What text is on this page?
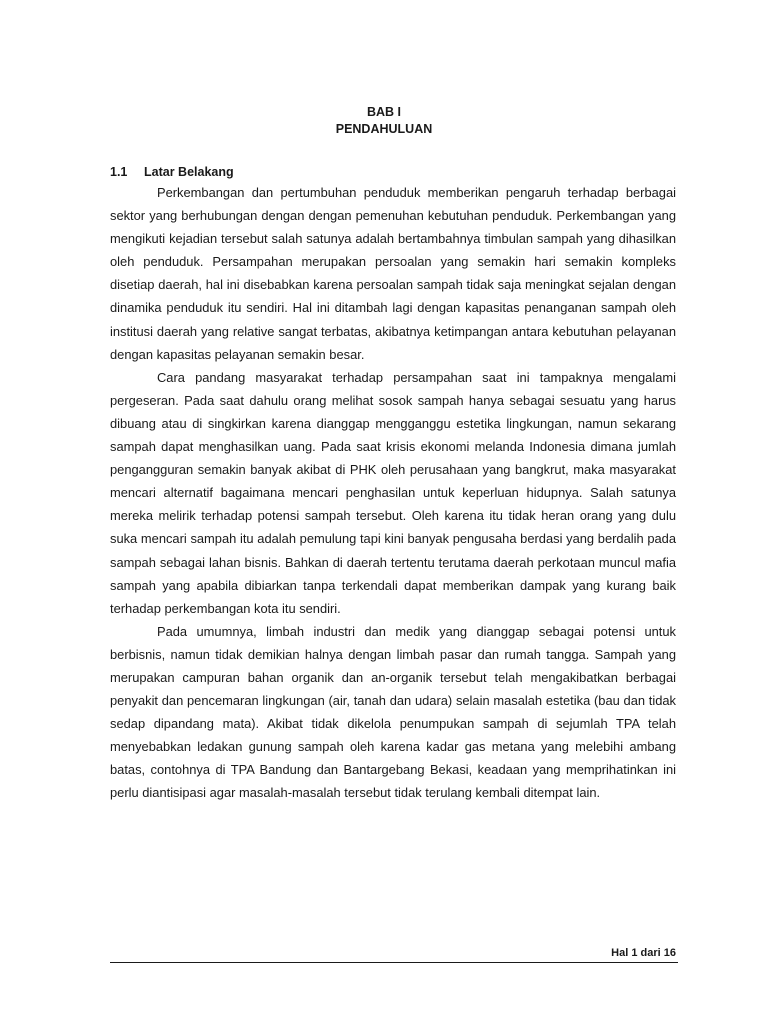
BAB I
PENDAHULUAN
1.1 Latar Belakang

Perkembangan dan pertumbuhan penduduk memberikan pengaruh terhadap berbagai sektor yang berhubungan dengan dengan pemenuhan kebutuhan penduduk. Perkembangan yang mengikuti kejadian tersebut salah satunya adalah bertambahnya timbulan sampah yang dihasilkan oleh penduduk. Persampahan merupakan persoalan yang semakin hari semakin kompleks disetiap daerah, hal ini disebabkan karena persoalan sampah tidak saja meningkat sejalan dengan dinamika penduduk itu sendiri. Hal ini ditambah lagi dengan kapasitas penanganan sampah oleh institusi daerah yang relative sangat terbatas, akibatnya ketimpangan antara kebutuhan pelayanan dengan kapasitas pelayanan semakin besar.

Cara pandang masyarakat terhadap persampahan saat ini tampaknya mengalami pergeseran. Pada saat dahulu orang melihat sosok sampah hanya sebagai sesuatu yang harus dibuang atau di singkirkan karena dianggap mengganggu estetika lingkungan, namun sekarang sampah dapat menghasilkan uang. Pada saat krisis ekonomi melanda Indonesia dimana jumlah pengangguran semakin banyak akibat di PHK oleh perusahaan yang bangkrut, maka masyarakat mencari alternatif bagaimana mencari penghasilan untuk keperluan hidupnya. Salah satunya mereka melirik terhadap potensi sampah tersebut. Oleh karena itu tidak heran orang yang dulu suka mencari sampah itu adalah pemulung tapi kini banyak pengusaha berdasi yang berdalih pada sampah sebagai lahan bisnis. Bahkan di daerah tertentu terutama daerah perkotaan muncul mafia sampah yang apabila dibiarkan tanpa terkendali dapat memberikan dampak yang kurang baik terhadap perkembangan kota itu sendiri.

Pada umumnya, limbah industri dan medik yang dianggap sebagai potensi untuk berbisnis, namun tidak demikian halnya dengan limbah pasar dan rumah tangga. Sampah yang merupakan campuran bahan organik dan an-organik tersebut telah mengakibatkan berbagai penyakit dan pencemaran lingkungan (air, tanah dan udara) selain masalah estetika (bau dan tidak sedap dipandang mata). Akibat tidak dikelola penumpukan sampah di sejumlah TPA telah menyebabkan ledakan gunung sampah oleh karena kadar gas metana yang melebihi ambang batas, contohnya di TPA Bandung dan Bantargebang Bekasi, keadaan yang memprihatinkan ini perlu diantisipasi agar masalah-masalah tersebut tidak terulang kembali ditempat lain.

Hal 1 dari 16
